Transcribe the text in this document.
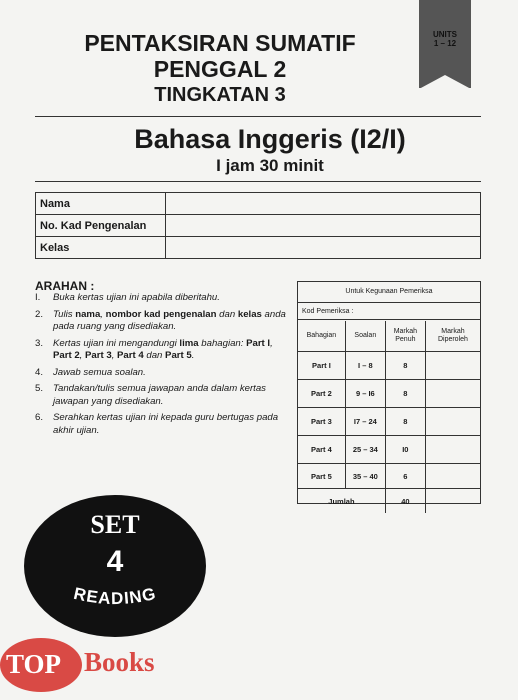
PENTAKSIRAN SUMATIF
PENGGAL 2
TINGKATAN 3
UNITS
1 – 12
Bahasa Inggeris (I2/I)
I jam 30 minit
Nama	
No. Kad Pengenalan	
Kelas	
ARAHAN :
I. Buka kertas ujian ini apabila diberitahu.
2. Tulis nama, nombor kad pengenalan dan kelas anda pada ruang yang disediakan.
3. Kertas ujian ini mengandungi lima bahagian: Part I, Part 2, Part 3, Part 4 dan Part 5.
4. Jawab semua soalan.
5. Tandakan/tulis semua jawapan anda dalam kertas jawapan yang disediakan.
6. Serahkan kertas ujian ini kepada guru bertugas pada akhir ujian.
Untuk Kegunaan Pemeriksa
Kod Pemeriksa :
Bahagian	Soalan	Markah Penuh	Markah Diperoleh
Part I	I – 8	8	
Part 2	9 – I6	8	
Part 3	I7 – 24	8	
Part 4	25 – 34	I0	
Part 5	35 – 40	6	
Jumlah		40	
SET
4
READING
TOP Books
